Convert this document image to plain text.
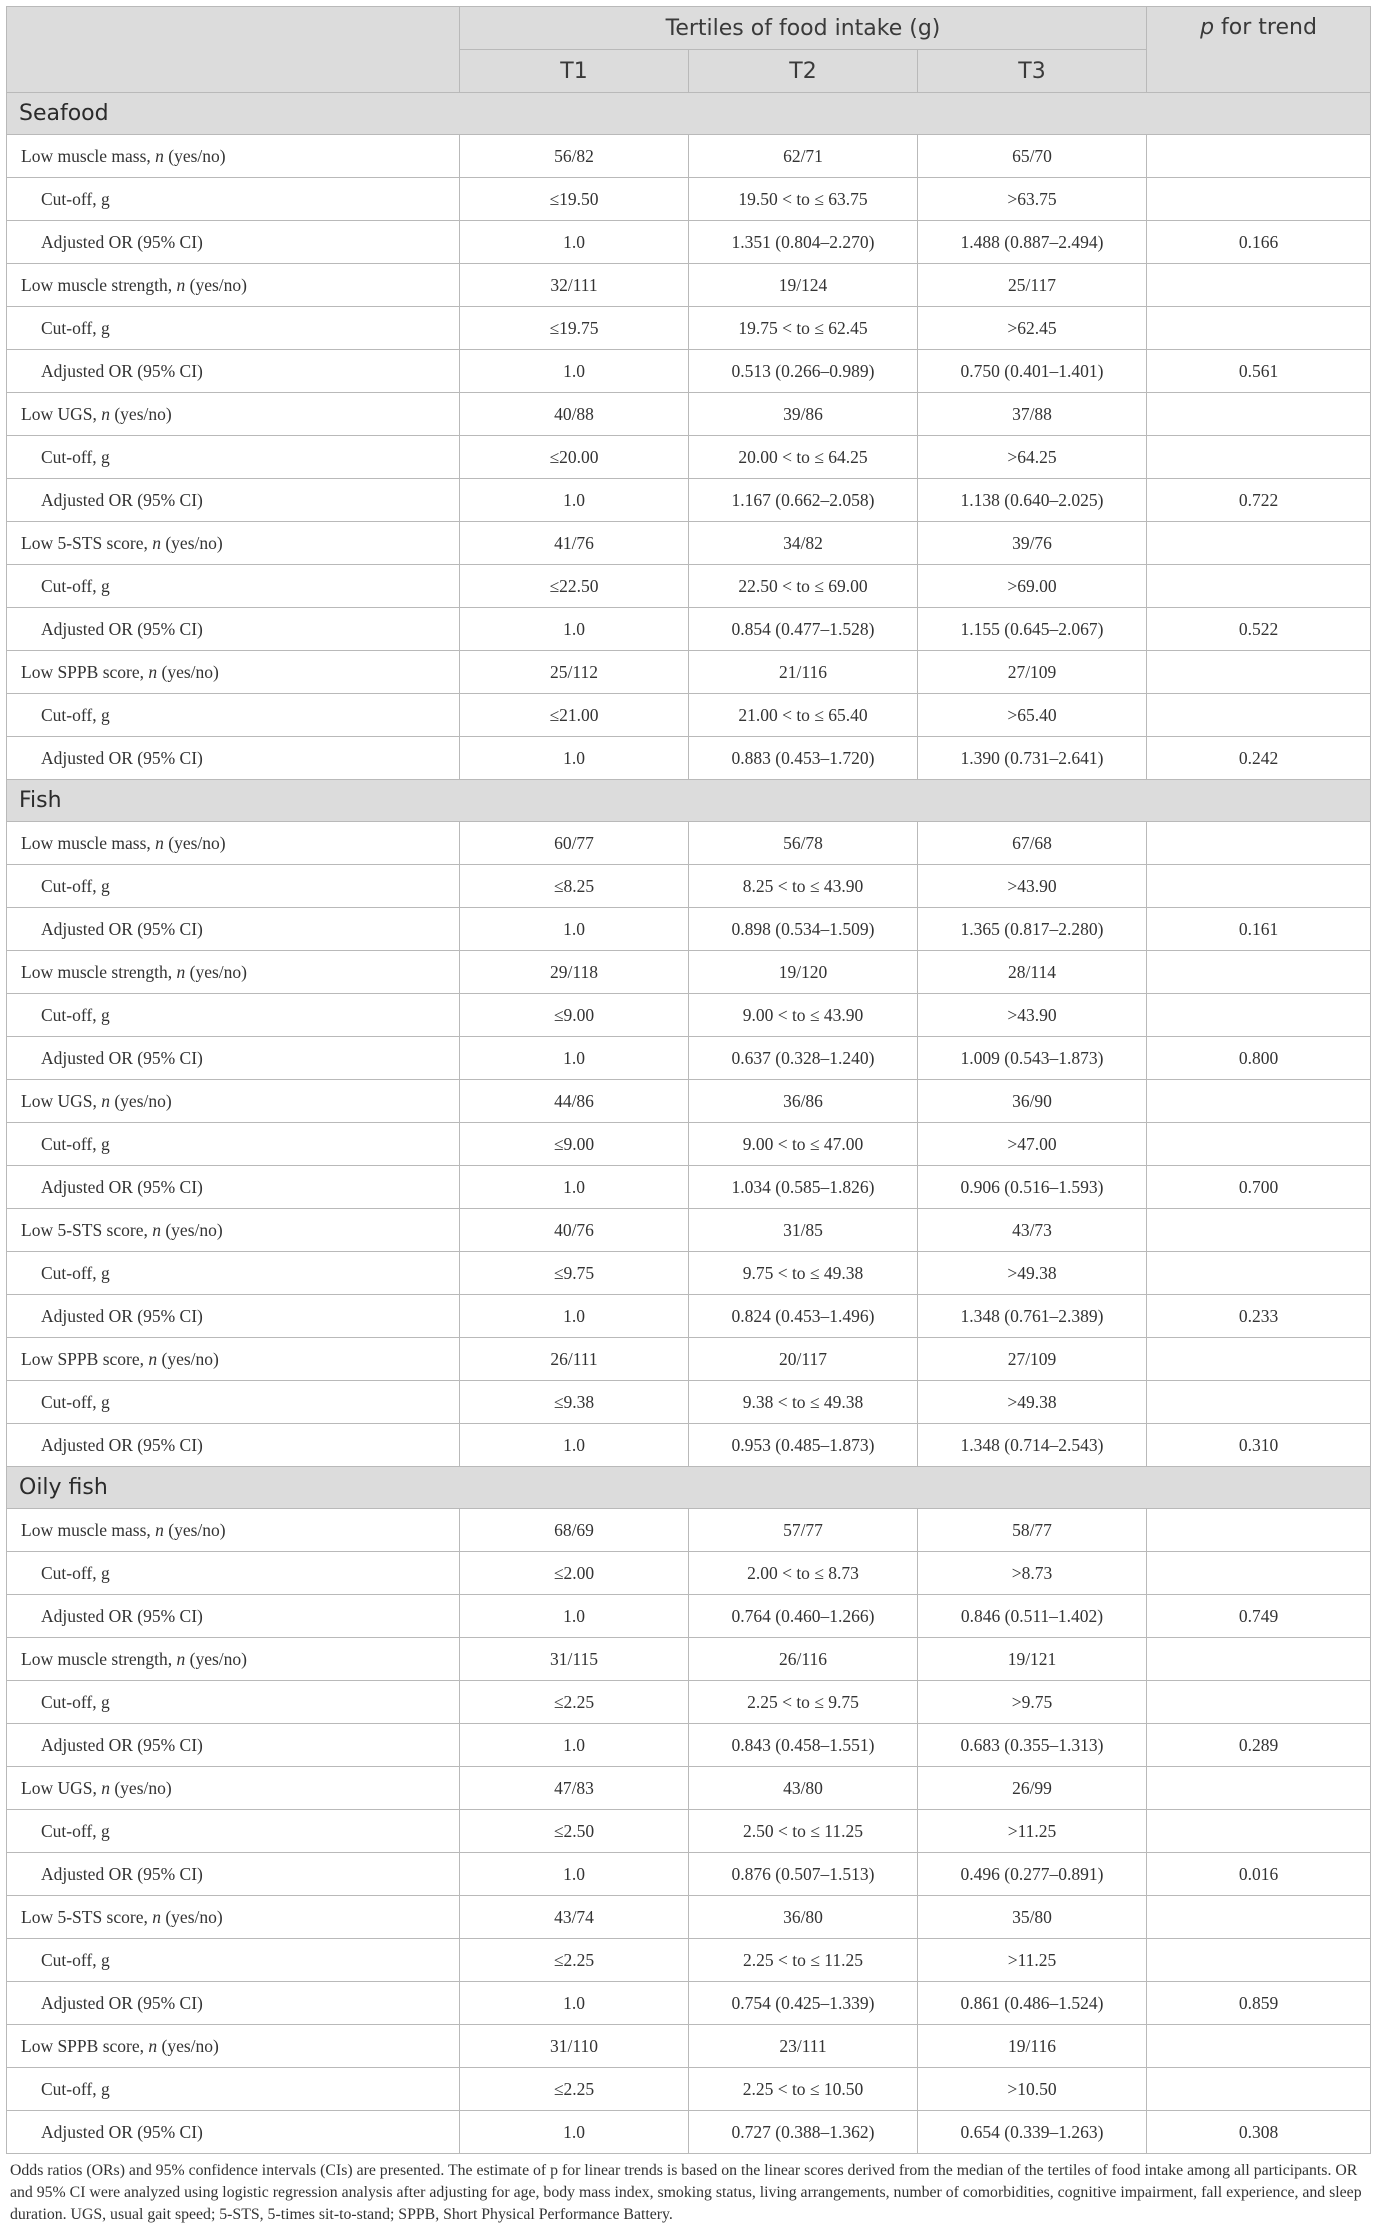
	Tertiles of food intake (g)			p for trend
	T1	T2	T3	
Seafood				
Low muscle mass, n (yes/no)	56/82	62/71	65/70	
Cut-off, g	≤19.50	19.50 < to ≤ 63.75	>63.75	
Adjusted OR (95% CI)	1.0	1.351 (0.804–2.270)	1.488 (0.887–2.494)	0.166
Low muscle strength, n (yes/no)	32/111	19/124	25/117	
Cut-off, g	≤19.75	19.75 < to ≤ 62.45	>62.45	
Adjusted OR (95% CI)	1.0	0.513 (0.266–0.989)	0.750 (0.401–1.401)	0.561
Low UGS, n (yes/no)	40/88	39/86	37/88	
Cut-off, g	≤20.00	20.00 < to ≤ 64.25	>64.25	
Adjusted OR (95% CI)	1.0	1.167 (0.662–2.058)	1.138 (0.640–2.025)	0.722
Low 5-STS score, n (yes/no)	41/76	34/82	39/76	
Cut-off, g	≤22.50	22.50 < to ≤ 69.00	>69.00	
Adjusted OR (95% CI)	1.0	0.854 (0.477–1.528)	1.155 (0.645–2.067)	0.522
Low SPPB score, n (yes/no)	25/112	21/116	27/109	
Cut-off, g	≤21.00	21.00 < to ≤ 65.40	>65.40	
Adjusted OR (95% CI)	1.0	0.883 (0.453–1.720)	1.390 (0.731–2.641)	0.242
Fish				
Low muscle mass, n (yes/no)	60/77	56/78	67/68	
Cut-off, g	≤8.25	8.25 < to ≤ 43.90	>43.90	
Adjusted OR (95% CI)	1.0	0.898 (0.534–1.509)	1.365 (0.817–2.280)	0.161
Low muscle strength, n (yes/no)	29/118	19/120	28/114	
Cut-off, g	≤9.00	9.00 < to ≤ 43.90	>43.90	
Adjusted OR (95% CI)	1.0	0.637 (0.328–1.240)	1.009 (0.543–1.873)	0.800
Low UGS, n (yes/no)	44/86	36/86	36/90	
Cut-off, g	≤9.00	9.00 < to ≤ 47.00	>47.00	
Adjusted OR (95% CI)	1.0	1.034 (0.585–1.826)	0.906 (0.516–1.593)	0.700
Low 5-STS score, n (yes/no)	40/76	31/85	43/73	
Cut-off, g	≤9.75	9.75 < to ≤ 49.38	>49.38	
Adjusted OR (95% CI)	1.0	0.824 (0.453–1.496)	1.348 (0.761–2.389)	0.233
Low SPPB score, n (yes/no)	26/111	20/117	27/109	
Cut-off, g	≤9.38	9.38 < to ≤ 49.38	>49.38	
Adjusted OR (95% CI)	1.0	0.953 (0.485–1.873)	1.348 (0.714–2.543)	0.310
Oily fish				
Low muscle mass, n (yes/no)	68/69	57/77	58/77	
Cut-off, g	≤2.00	2.00 < to ≤ 8.73	>8.73	
Adjusted OR (95% CI)	1.0	0.764 (0.460–1.266)	0.846 (0.511–1.402)	0.749
Low muscle strength, n (yes/no)	31/115	26/116	19/121	
Cut-off, g	≤2.25	2.25 < to ≤ 9.75	>9.75	
Adjusted OR (95% CI)	1.0	0.843 (0.458–1.551)	0.683 (0.355–1.313)	0.289
Low UGS, n (yes/no)	47/83	43/80	26/99	
Cut-off, g	≤2.50	2.50 < to ≤ 11.25	>11.25	
Adjusted OR (95% CI)	1.0	0.876 (0.507–1.513)	0.496 (0.277–0.891)	0.016
Low 5-STS score, n (yes/no)	43/74	36/80	35/80	
Cut-off, g	≤2.25	2.25 < to ≤ 11.25	>11.25	
Adjusted OR (95% CI)	1.0	0.754 (0.425–1.339)	0.861 (0.486–1.524)	0.859
Low SPPB score, n (yes/no)	31/110	23/111	19/116	
Cut-off, g	≤2.25	2.25 < to ≤ 10.50	>10.50	
Adjusted OR (95% CI)	1.0	0.727 (0.388–1.362)	0.654 (0.339–1.263)	0.308
Odds ratios (ORs) and 95% confidence intervals (CIs) are presented. The estimate of p for linear trends is based on the linear scores derived from the median of the tertiles of food intake among all participants. OR and 95% CI were analyzed using logistic regression analysis after adjusting for age, body mass index, smoking status, living arrangements, number of comorbidities, cognitive impairment, fall experience, and sleep duration. UGS, usual gait speed; 5-STS, 5-times sit-to-stand; SPPB, Short Physical Performance Battery.
